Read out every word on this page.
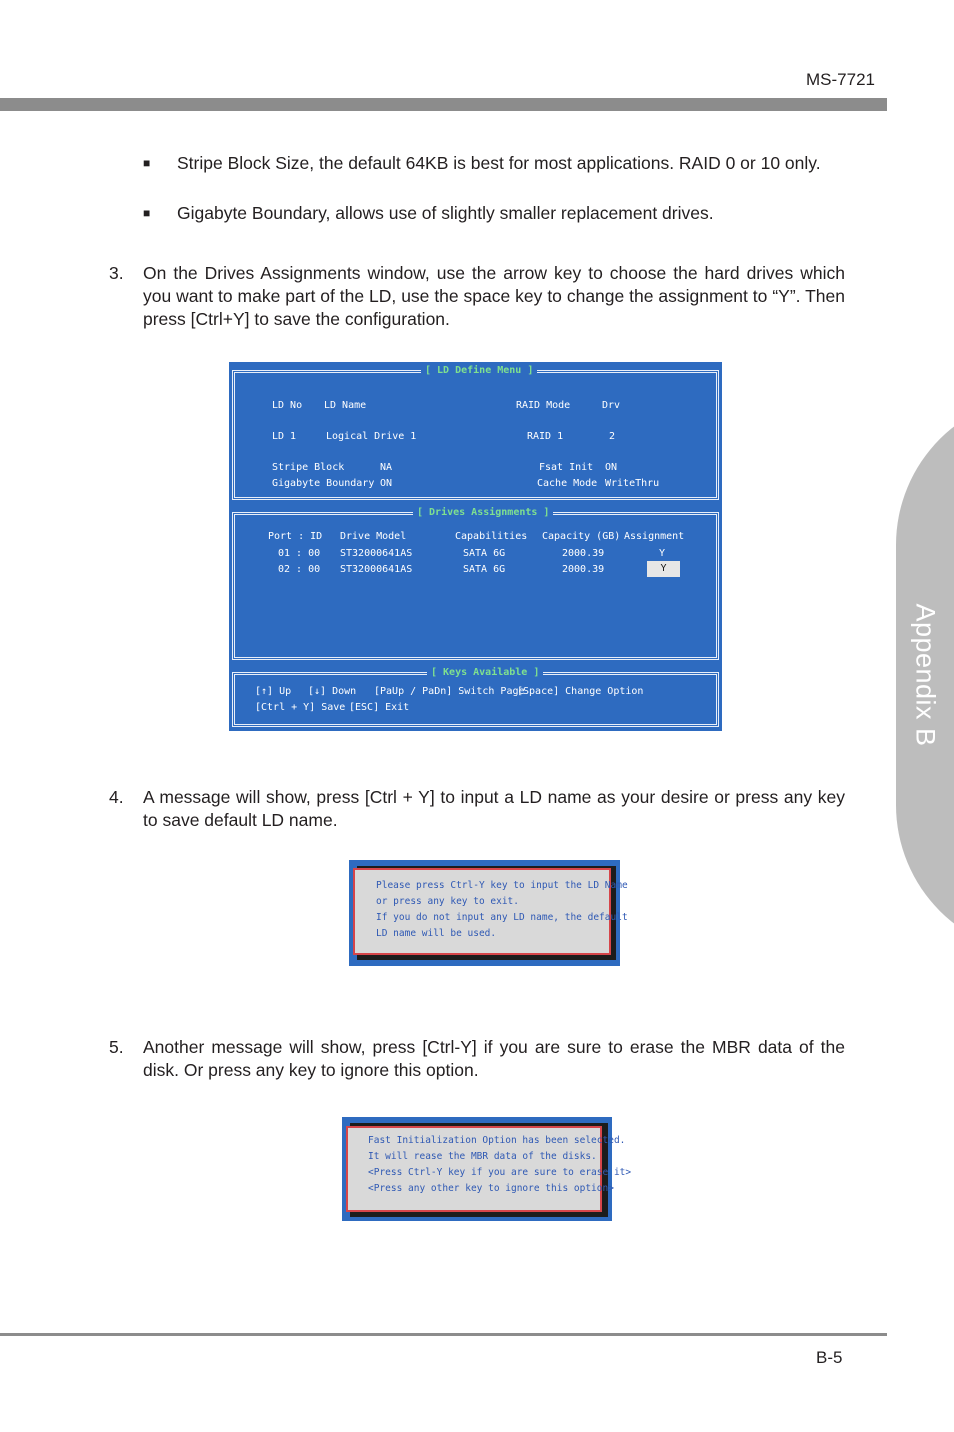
MS-7721
Appendix B
■ Stripe Block Size, the default 64KB is best for most applications. RAID 0 or 10 only.
■ Gigabyte Boundary, allows use of slightly smaller replacement drives.
3. On the Drives Assignments window, use the arrow key to choose the hard drives which you want to make part of the LD, use the space key to change the assignment to “Y”. Then press [Ctrl+Y] to save the configuration.
[ LD Define Menu ]
LD No LD Name	RAID Mode	Drv
LD 1	Logical Drive 1	RAID 1	2
Stripe Block	NA	Fsat Init ON
Gigabyte Boundary ON	Cache Mode WriteThru
[ Drives Assignments ]
Port : ID Drive Model	Capabilities Capacity (GB) Assignment
01 : 00 ST32000641AS	SATA 6G	2000.39	Y
02 : 00 ST32000641AS	SATA 6G	2000.39	Y
[ Keys Available ]
[↑] Up [↓] Down [PaUp / PaDn] Switch Page
[Space] Change Option
[Ctrl + Y] Save [ESC] Exit
4. A message will show, press [Ctrl + Y] to input a LD name as your desire or press any key to save default LD name.
Please press Ctrl-Y key to input the LD Name
or press any key to exit.
If you do not input any LD name, the default
LD name will be used.
5. Another message will show, press [Ctrl-Y] if you are sure to erase the MBR data of the disk. Or press any key to ignore this option.
Fast Initialization Option has been selected.
It will rease the MBR data of the disks.
<Press Ctrl-Y key if you are sure to erase it>
<Press any other key to ignore this option>
B-5
